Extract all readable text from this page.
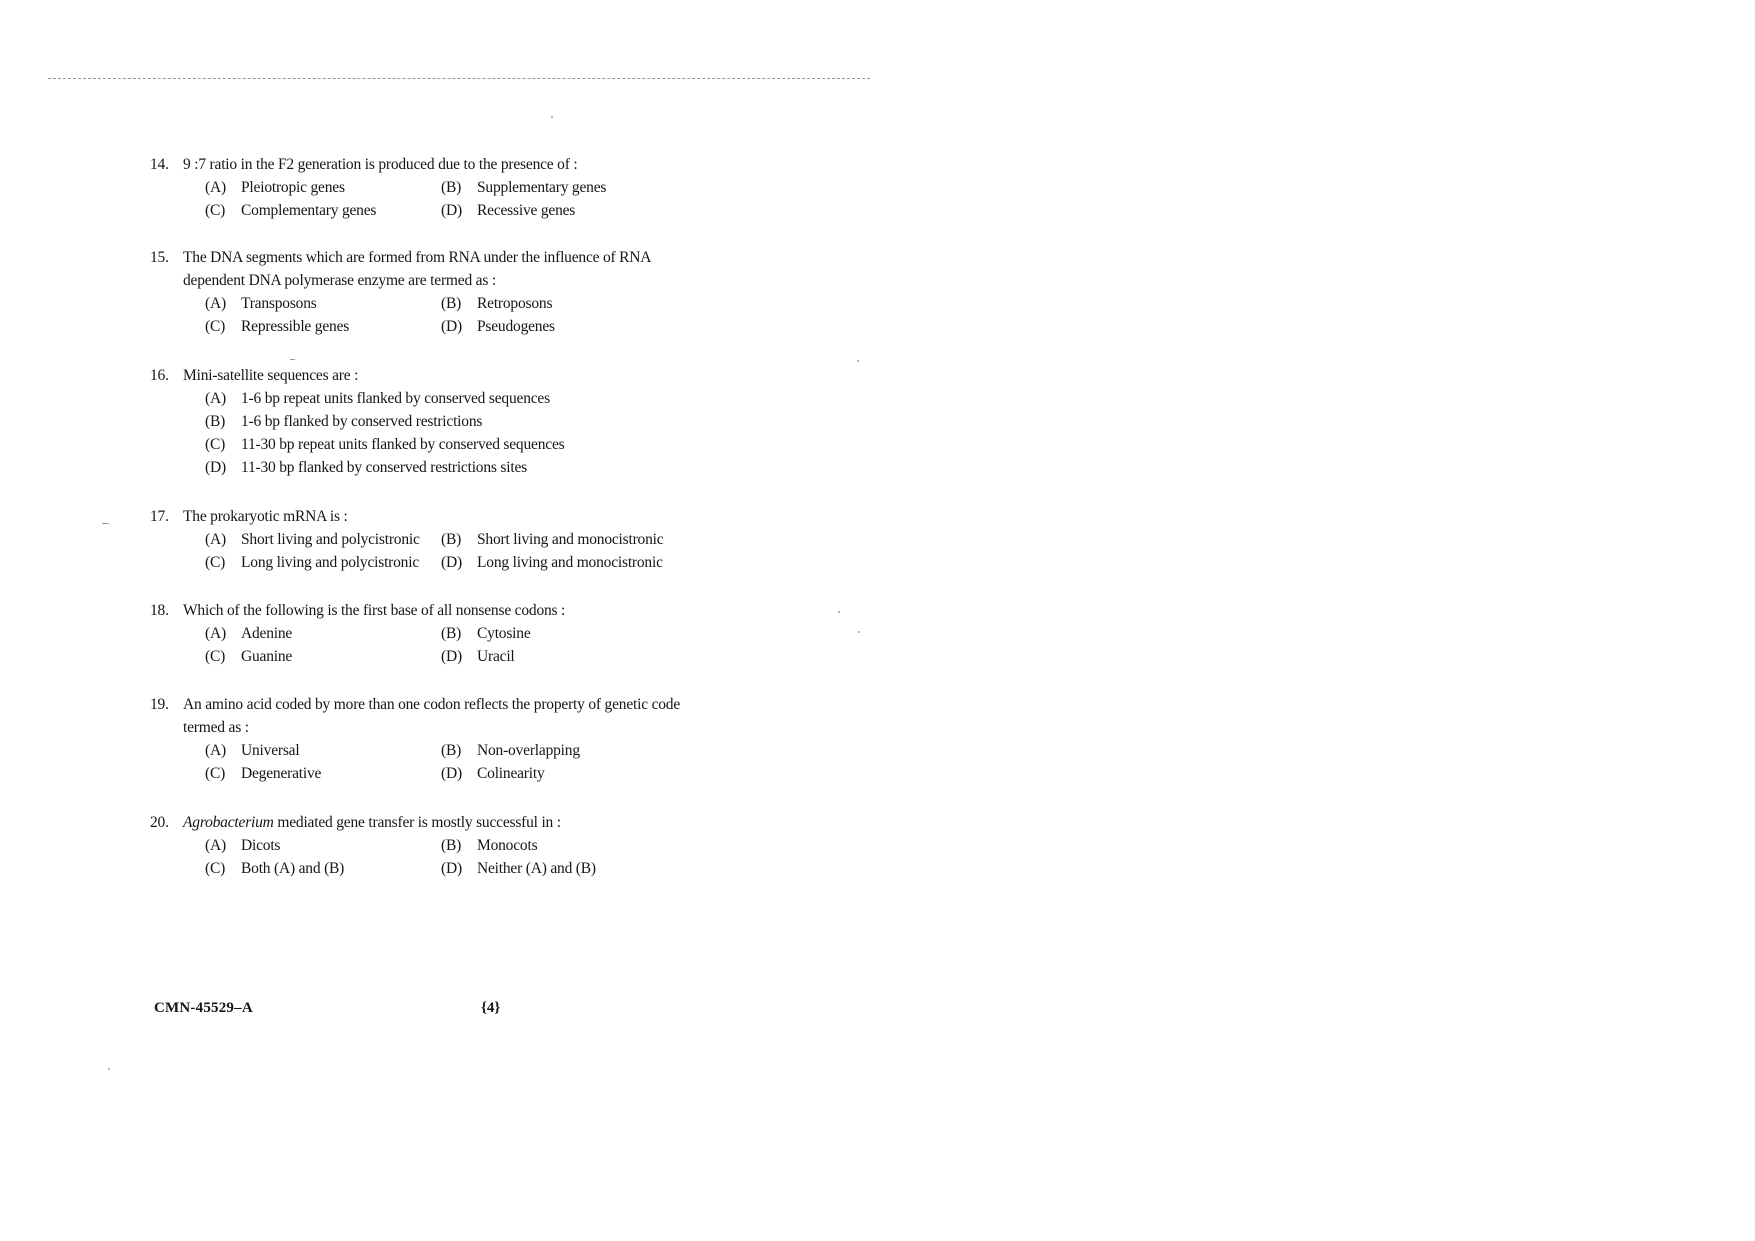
14. 9 :7 ratio in the F2 generation is produced due to the presence of :
(A) Pleiotropic genes	(B) Supplementary genes
(C) Complementary genes	(D) Recessive genes
15. The DNA segments which are formed from RNA under the influence of RNA dependent DNA polymerase enzyme are termed as :
(A) Transposons	(B) Retroposons
(C) Repressible genes	(D) Pseudogenes
16. Mini-satellite sequences are :
(A) 1-6 bp repeat units flanked by conserved sequences
(B) 1-6 bp flanked by conserved restrictions
(C) 11-30 bp repeat units flanked by conserved sequences
(D) 11-30 bp flanked by conserved restrictions sites
17. The prokaryotic mRNA is :
(A) Short living and polycistronic	(B) Short living and monocistronic
(C) Long living and polycistronic	(D) Long living and monocistronic
18. Which of the following is the first base of all nonsense codons :
(A) Adenine	(B) Cytosine
(C) Guanine	(D) Uracil
19. An amino acid coded by more than one codon reflects the property of genetic code termed as :
(A) Universal	(B) Non-overlapping
(C) Degenerative	(D) Colinearity
20. Agrobacterium mediated gene transfer is mostly successful in :
(A) Dicots	(B) Monocots
(C) Both (A) and (B)	(D) Neither (A) and (B)
CMN-45529–A	{4}
